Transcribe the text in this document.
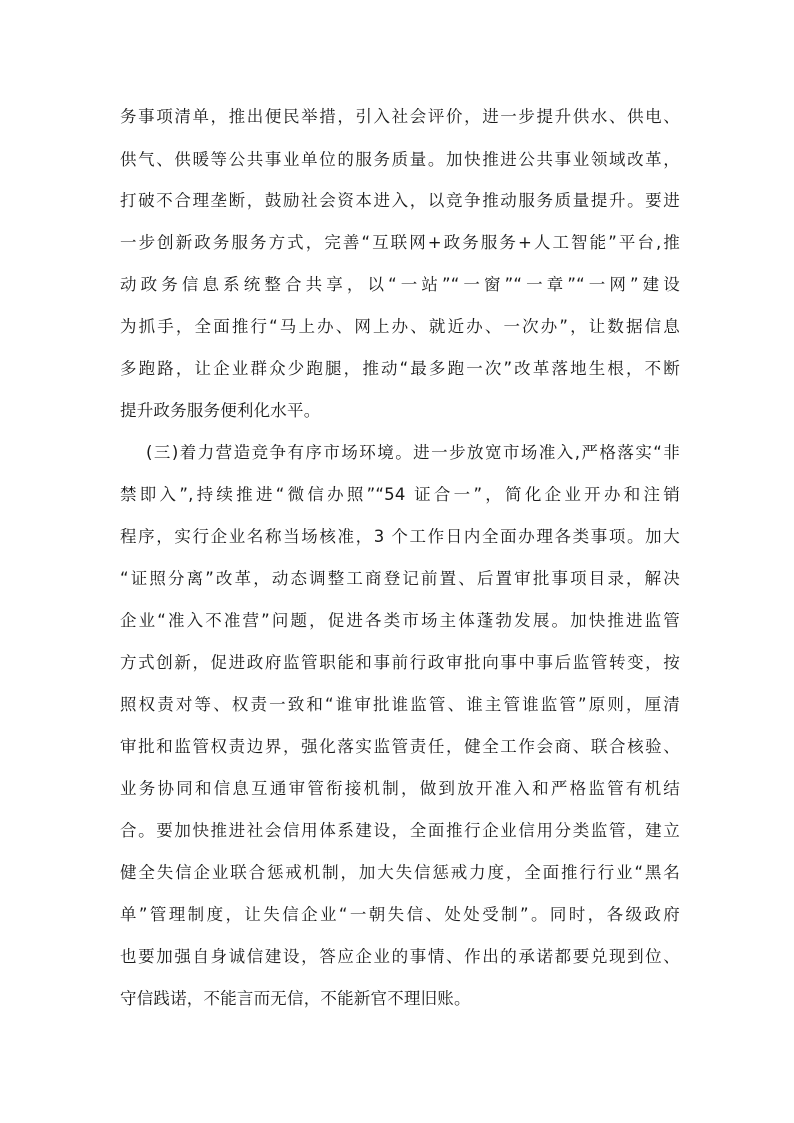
务事项清单，推出便民举措，引入社会评价，进一步提升供水、供电、
供气、供暖等公共事业单位的服务质量。加快推进公共事业领域改革，
打破不合理垄断，鼓励社会资本进入，以竞争推动服务质量提升。要进
一步创新政务服务方式，完善“互联网+政务服务+人工智能”平台,推
动政务信息系统整合共享，以“一站”“一窗”“一章”“一网”建设
为抓手，全面推行“马上办、网上办、就近办、一次办”，让数据信息
多跑路，让企业群众少跑腿，推动“最多跑一次”改革落地生根，不断
提升政务服务便利化水平。
(三)着力营造竞争有序市场环境。进一步放宽市场准入,严格落实“非
禁即入”,持续推进“微信办照”“54 证合一”，简化企业开办和注销
程序，实行企业名称当场核准，3 个工作日内全面办理各类事项。加大
“证照分离”改革，动态调整工商登记前置、后置审批事项目录，解决
企业“准入不准营”问题，促进各类市场主体蓬勃发展。加快推进监管
方式创新，促进政府监管职能和事前行政审批向事中事后监管转变，按
照权责对等、权责一致和“谁审批谁监管、谁主管谁监管”原则，厘清
审批和监管权责边界，强化落实监管责任，健全工作会商、联合核验、
业务协同和信息互通审管衔接机制，做到放开准入和严格监管有机结
合。要加快推进社会信用体系建设，全面推行企业信用分类监管，建立
健全失信企业联合惩戒机制，加大失信惩戒力度，全面推行行业“黑名
单”管理制度，让失信企业“一朝失信、处处受制”。同时，各级政府
也要加强自身诚信建设，答应企业的事情、作出的承诺都要兑现到位、
守信践诺，不能言而无信，不能新官不理旧账。
